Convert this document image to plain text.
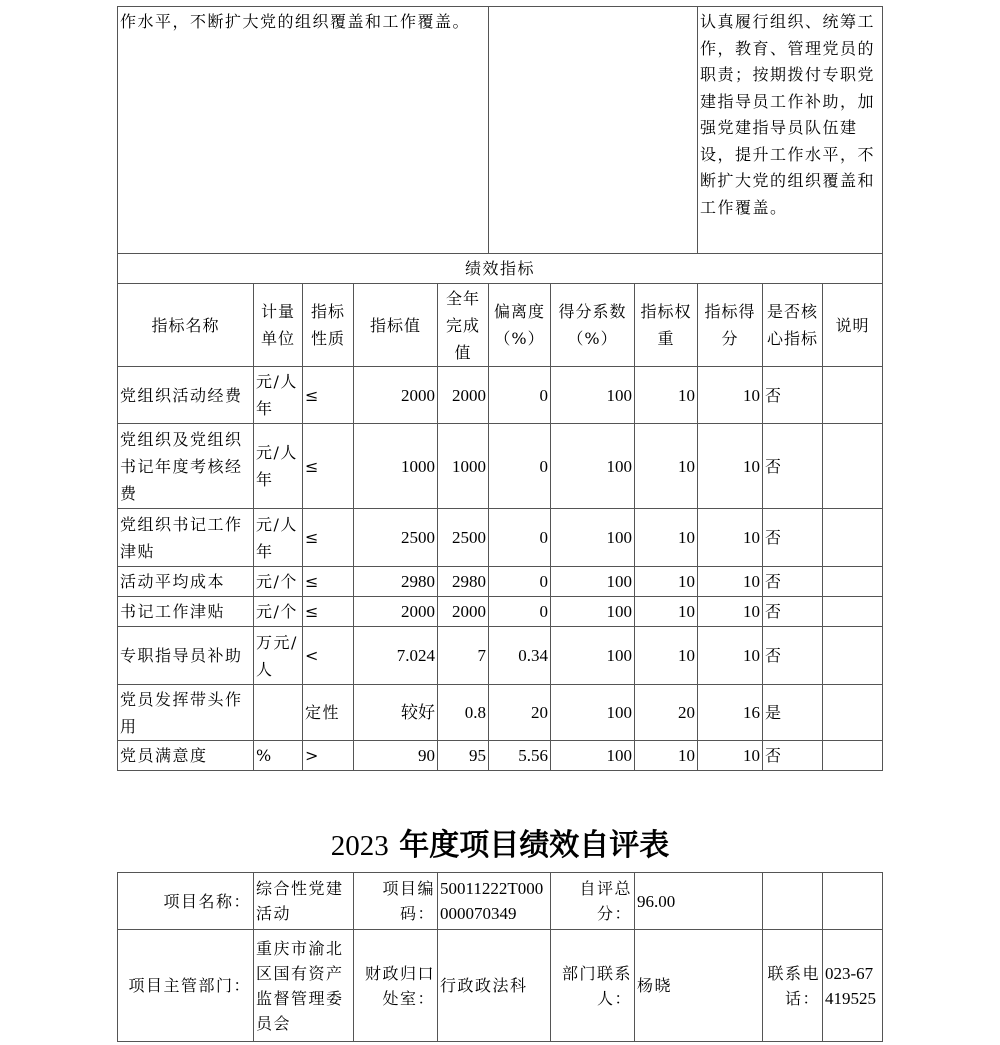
作水平，不断扩大党的组织覆盖和工作覆盖。								认真履行组织、统筹工作，教育、管理党员的职责；按期拨付专职党建指导员工作补助，加强党建指导员队伍建设，提升工作水平，不断扩大党的组织覆盖和工作覆盖。		
绩效指标										
指标名称	计量单位	指标性质	指标值	全年完成值	偏离度（%）	得分系数（%）	指标权重	指标得分	是否核心指标	说明
党组织活动经费	元/人年	≤	2000	2000	0	100	10	10	否	
党组织及党组织书记年度考核经费	元/人年	≤	1000	1000	0	100	10	10	否	
党组织书记工作津贴	元/人年	≤	2500	2500	0	100	10	10	否	
活动平均成本	元/个	≤	2980	2980	0	100	10	10	否	
书记工作津贴	元/个	≤	2000	2000	0	100	10	10	否	
专职指导员补助	万元/人	<	7.024	7	0.34	100	10	10	否	
党员发挥带头作用		定性	较好	0.8	20	100	20	16	是	
党员满意度	%	>	90	95	5.56	100	10	10	否	
2023 年度项目绩效自评表
项目名称：	综合性党建活动	项目编码：	50011222T000000070349	自评总分：	96.00		
项目主管部门：	重庆市渝北区国有资产监督管理委员会	财政归口处室：	行政政法科	部门联系人：	杨晓	联系电话：	023-67419525
